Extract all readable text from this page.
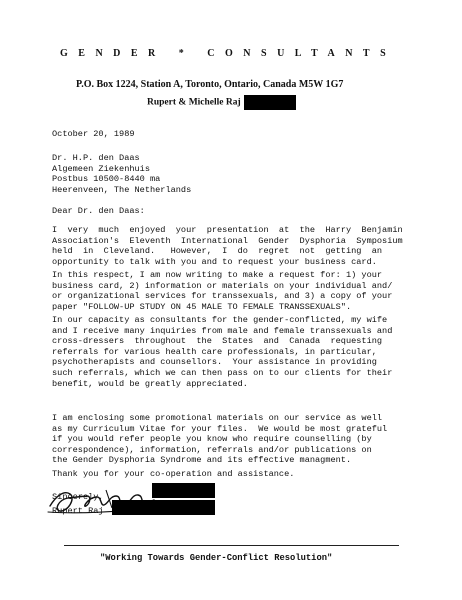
GENDER * CONSULTANTS
P.O. Box 1224, Station A, Toronto, Ontario, Canada M5W 1G7
Rupert & Michelle Raj
October 20, 1989
Dr. H.P. den Daas
Algemeen Ziekenhuis
Postbus 10500-8440 ma
Heerenveen, The Netherlands
Dear Dr. den Daas:
I  very  much  enjoyed  your  presentation  at  the  Harry  Benjamin
Association's  Eleventh  International  Gender  Dysphoria  Symposium
held  in  Cleveland.   However,  I  do  regret  not  getting  an
opportunity to talk with you and to request your business card.
In this respect, I am now writing to make a request for: 1) your
business card, 2) information or materials on your individual and/
or organizational services for transsexuals, and 3) a copy of your
paper "FOLLOW-UP STUDY ON 45 MALE TO FEMALE TRANSSEXUALS".
In our capacity as consultants for the gender-conflicted, my wife
and I receive many inquiries from male and female transsexuals and
cross-dressers  throughout  the  States  and  Canada  requesting
referrals for various health care professionals, in particular,
psychotherapists and counsellors.  Your assistance in providing
such referrals, which we can then pass on to our clients for their
benefit, would be greatly appreciated.
I am enclosing some promotional materials on our service as well
as my Curriculum Vitae for your files.  We would be most grateful
if you would refer people you know who require counselling (by
correspondence), information, referrals and/or publications on
the Gender Dysphoria Syndrome and its effective managment.
Thank you for your co-operation and assistance.
Sincerely,
Rupert Raj
"Working Towards Gender-Conflict Resolution"
